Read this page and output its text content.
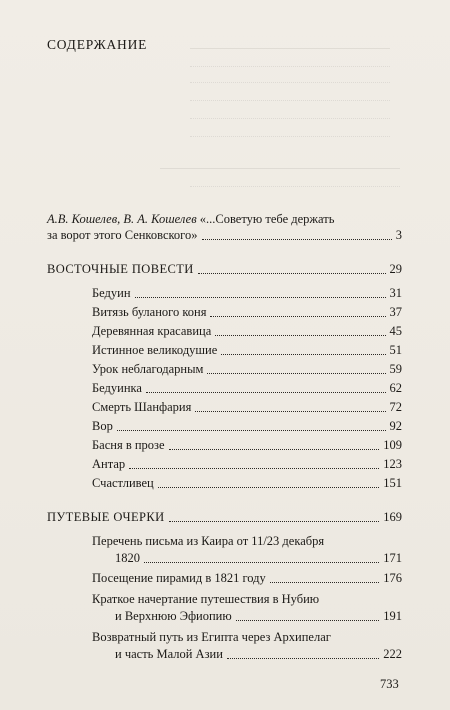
СОДЕРЖАНИЕ
А.В. Кошелев, В. А. Кошелев «...Советую тебе держать
за ворот этого Сенковского»	3
ВОСТОЧНЫЕ ПОВЕСТИ	29
Бедуин	31
Витязь буланого коня	37
Деревянная красавица	45
Истинное великодушие	51
Урок неблагодарным	59
Бедуинка	62
Смерть Шанфария	72
Вор	92
Басня в прозе	109
Антар	123
Счастливец	151
ПУТЕВЫЕ ОЧЕРКИ	169
Перечень письма из Каира от 11/23 декабря
1820	171
Посещение пирамид в 1821 году	176
Краткое начертание путешествия в Нубию
и Верхнюю Эфиопию	191
Возвратный путь из Египта через Архипелаг
и часть Малой Азии	222
733
